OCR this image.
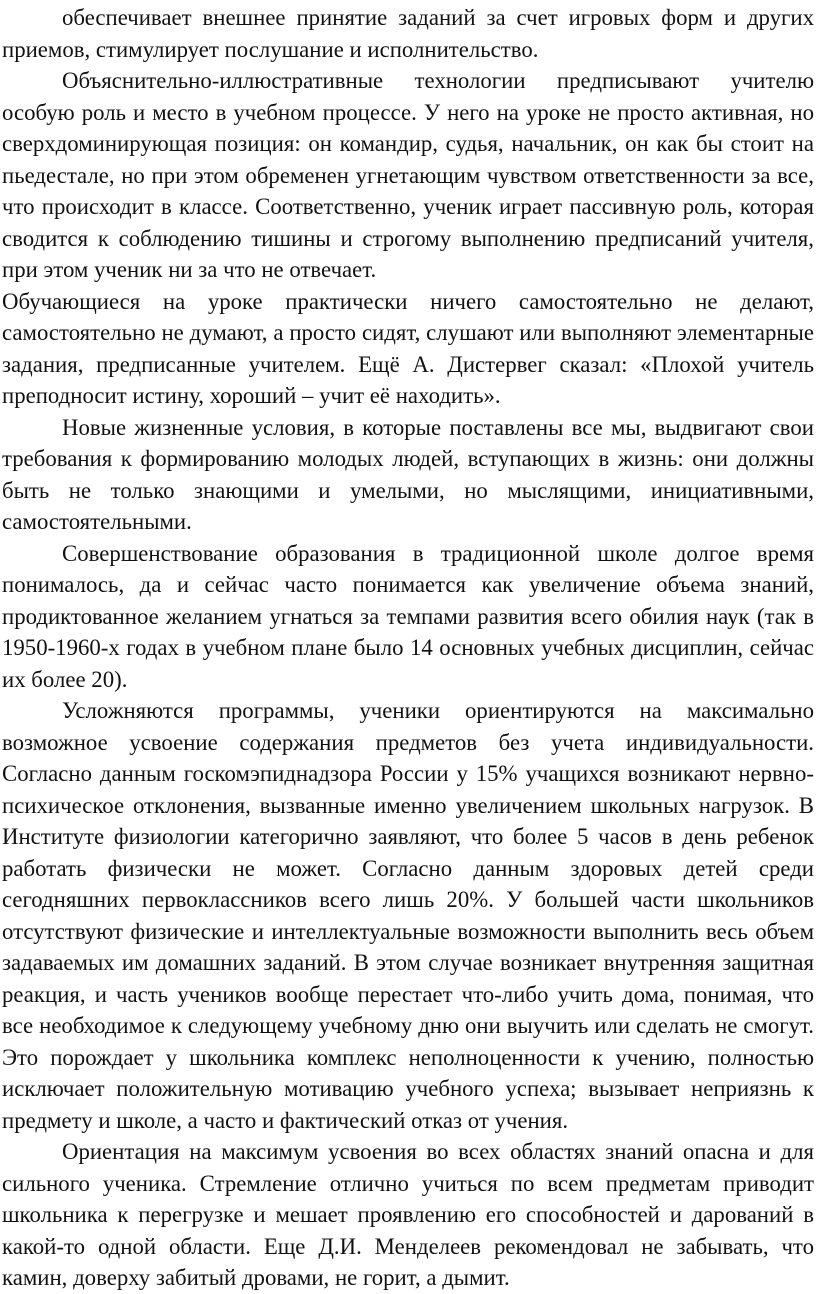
обеспечивает внешнее принятие заданий за счет игровых форм и других приемов, стимулирует послушание и исполнительство.

Объяснительно-иллюстративные технологии предписывают учителю особую роль и место в учебном процессе. У него на уроке не просто активная, но сверхдоминирующая позиция: он командир, судья, начальник, он как бы стоит на пьедестале, но при этом обременен угнетающим чувством ответственности за все, что происходит в классе. Соответственно, ученик играет пассивную роль, которая сводится к соблюдению тишины и строгому выполнению предписаний учителя, при этом ученик ни за что не отвечает.

Обучающиеся на уроке практически ничего самостоятельно не делают, самостоятельно не думают, а просто сидят, слушают или выполняют элементарные задания, предписанные учителем. Ещё А. Дистервег сказал: «Плохой учитель преподносит истину, хороший – учит её находить».

Новые жизненные условия, в которые поставлены все мы, выдвигают свои требования к формированию молодых людей, вступающих в жизнь: они должны быть не только знающими и умелыми, но мыслящими, инициативными, самостоятельными.

Совершенствование образования в традиционной школе долгое время понималось, да и сейчас часто понимается как увеличение объема знаний, продиктованное желанием угнаться за темпами развития всего обилия наук (так в 1950-1960-х годах в учебном плане было 14 основных учебных дисциплин, сейчас их более 20).

Усложняются программы, ученики ориентируются на максимально возможное усвоение содержания предметов без учета индивидуальности. Согласно данным госкомэпиднадзора России у 15% учащихся возникают нервно-психическое отклонения, вызванные именно увеличением школьных нагрузок. В Институте физиологии категорично заявляют, что более 5 часов в день ребенок работать физически не может. Согласно данным здоровых детей среди сегодняшних первоклассников всего лишь 20%. У большей части школьников отсутствуют физические и интеллектуальные возможности выполнить весь объем задаваемых им домашних заданий. В этом случае возникает внутренняя защитная реакция, и часть учеников вообще перестает что-либо учить дома, понимая, что все необходимое к следующему учебному дню они выучить или сделать не смогут. Это порождает у школьника комплекс неполноценности к учению, полностью исключает положительную мотивацию учебного успеха; вызывает неприязнь к предмету и школе, а часто и фактический отказ от учения.

Ориентация на максимум усвоения во всех областях знаний опасна и для сильного ученика. Стремление отлично учиться по всем предметам приводит школьника к перегрузке и мешает проявлению его способностей и дарований в какой-то одной области. Еще Д.И. Менделеев рекомендовал не забывать, что камин, доверху забитый дровами, не горит, а дымит.
